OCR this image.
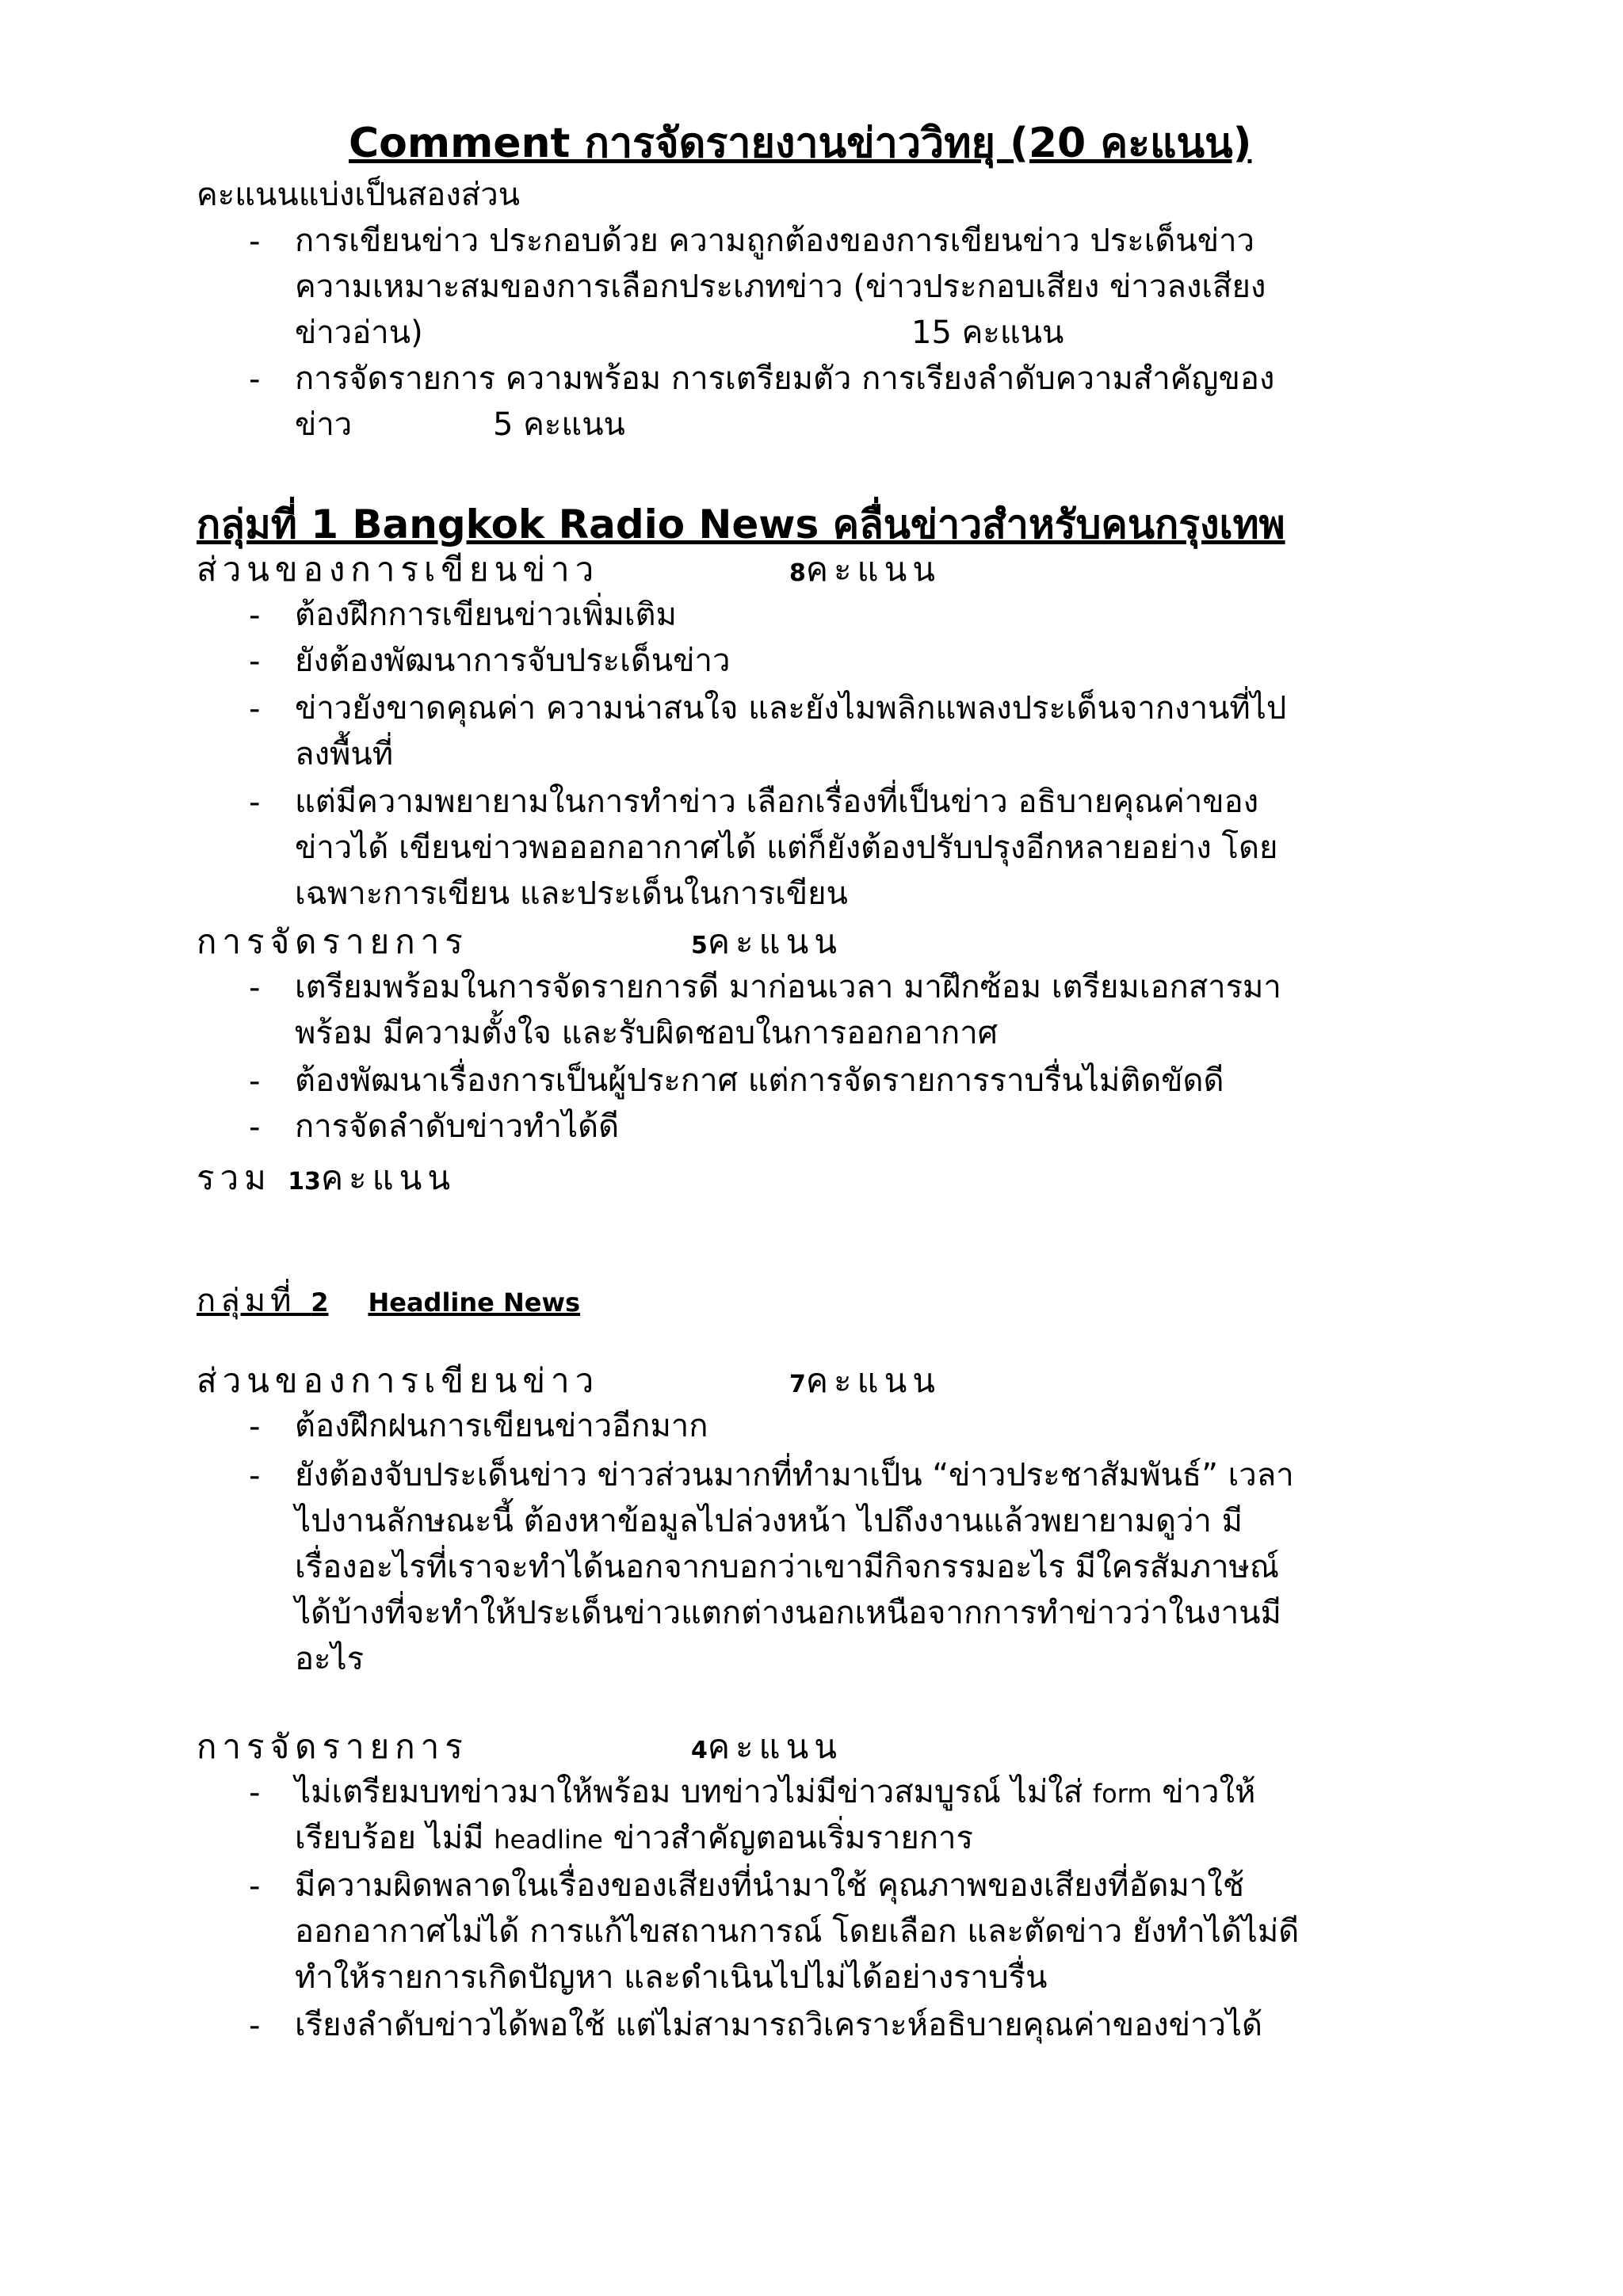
Comment การจัดรายงานข่าววิทยุ (20 คะแนน)
คะแนนแบ่งเป็นสองส่วน
- การเขียนข่าว ประกอบด้วย ความถูกต้องของการเขียนข่าว ประเด็นข่าว
ความเหมาะสมของการเลือกประเภทข่าว (ข่าวประกอบเสียง ข่าวลงเสียง
ข่าวอ่าน)	15 คะแนน
- การจัดรายการ ความพร้อม การเตรียมตัว การเรียงลำดับความสำคัญของ
ข่าว	5 คะแนน
กลุ่มที่ 1 Bangkok Radio News คลื่นข่าวสำหรับคนกรุงเทพ
ส่วนของการเขียนข่าว	8คะแนน
- ต้องฝึกการเขียนข่าวเพิ่มเติม
- ยังต้องพัฒนาการจับประเด็นข่าว
- ข่าวยังขาดคุณค่า ความน่าสนใจ และยังไมพลิกแพลงประเด็นจากงานที่ไป
ลงพื้นที่
- แต่มีความพยายามในการทำข่าว เลือกเรื่องที่เป็นข่าว อธิบายคุณค่าของ
ข่าวได้ เขียนข่าวพอออกอากาศได้ แต่ก็ยังต้องปรับปรุงอีกหลายอย่าง โดย
เฉพาะการเขียน และประเด็นในการเขียน
การจัดรายการ	5คะแนน
- เตรียมพร้อมในการจัดรายการดี มาก่อนเวลา มาฝึกซ้อม เตรียมเอกสารมา
พร้อม มีความตั้งใจ และรับผิดชอบในการออกอากาศ
- ต้องพัฒนาเรื่องการเป็นผู้ประกาศ แต่การจัดรายการราบรื่นไม่ติดขัดดี
- การจัดลำดับข่าวทำได้ดี
รวม 13คะแนน
กลุ่มที่ 2 Headline News
ส่วนของการเขียนข่าว	7คะแนน
- ต้องฝึกฝนการเขียนข่าวอีกมาก
- ยังต้องจับประเด็นข่าว ข่าวส่วนมากที่ทำมาเป็น “ข่าวประชาสัมพันธ์” เวลา
ไปงานลักษณะนี้ ต้องหาข้อมูลไปล่วงหน้า ไปถึงงานแล้วพยายามดูว่า มี
เรื่องอะไรที่เราจะทำได้นอกจากบอกว่าเขามีกิจกรรมอะไร มีใครสัมภาษณ์
ได้บ้างที่จะทำให้ประเด็นข่าวแตกต่างนอกเหนือจากการทำข่าวว่าในงานมี
อะไร
การจัดรายการ	4คะแนน
- ไม่เตรียมบทข่าวมาให้พร้อม บทข่าวไม่มีข่าวสมบูรณ์ ไม่ใส่ form ข่าวให้
เรียบร้อย ไม่มี headline ข่าวสำคัญตอนเริ่มรายการ
- มีความผิดพลาดในเรื่องของเสียงที่นำมาใช้ คุณภาพของเสียงที่อัดมาใช้
ออกอากาศไม่ได้ การแก้ไขสถานการณ์ โดยเลือก และตัดข่าว ยังทำได้ไม่ดี
ทำให้รายการเกิดปัญหา และดำเนินไปไม่ได้อย่างราบรื่น
- เรียงลำดับข่าวได้พอใช้ แต่ไม่สามารถวิเคราะห์อธิบายคุณค่าของข่าวได้
